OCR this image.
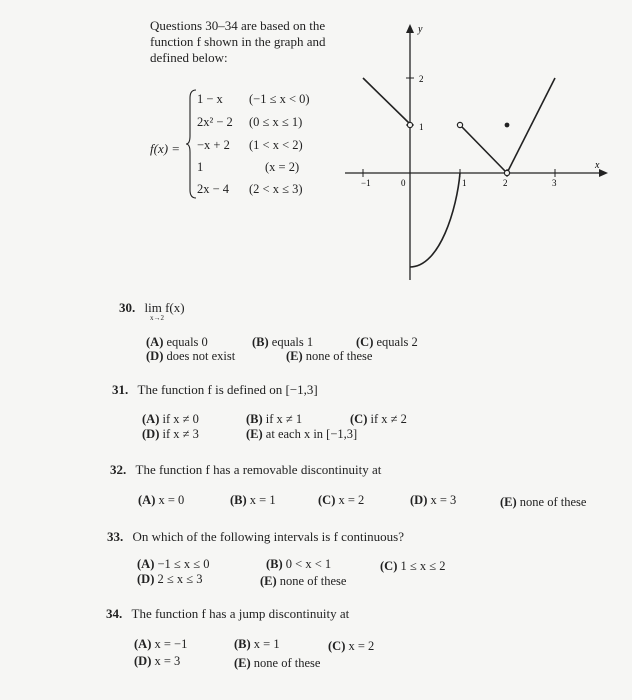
Questions 30–34 are based on the
function f shown in the graph and
defined below:
f(x) =
1 − x (−1 ≤ x < 0)
2x² − 2 (0 ≤ x ≤ 1)
−x + 2 (1 < x < 2)
1	(x = 2)
2x − 4 (2 < x ≤ 3)
y
x
−1	0	1	2	3
2
1
30. lim f(x)
x→2
(A) equals 0	(B) equals 1	(C) equals 2
(D) does not exist	(E) none of these
31. The function f is defined on [−1,3]
(A) if x ≠ 0	(B) if x ≠ 1	(C) if x ≠ 2
(D) if x ≠ 3	(E) at each x in [−1,3]
32. The function f has a removable discontinuity at
(A) x = 0	(B) x = 1	(C) x = 2	(D) x = 3	(E) none of these
33. On which of the following intervals is f continuous?
(A) −1 ≤ x ≤ 0	(B) 0 < x < 1	(C) 1 ≤ x ≤ 2
(D) 2 ≤ x ≤ 3	(E) none of these
34. The function f has a jump discontinuity at
(A) x = −1	(B) x = 1	(C) x = 2
(D) x = 3	(E) none of these
